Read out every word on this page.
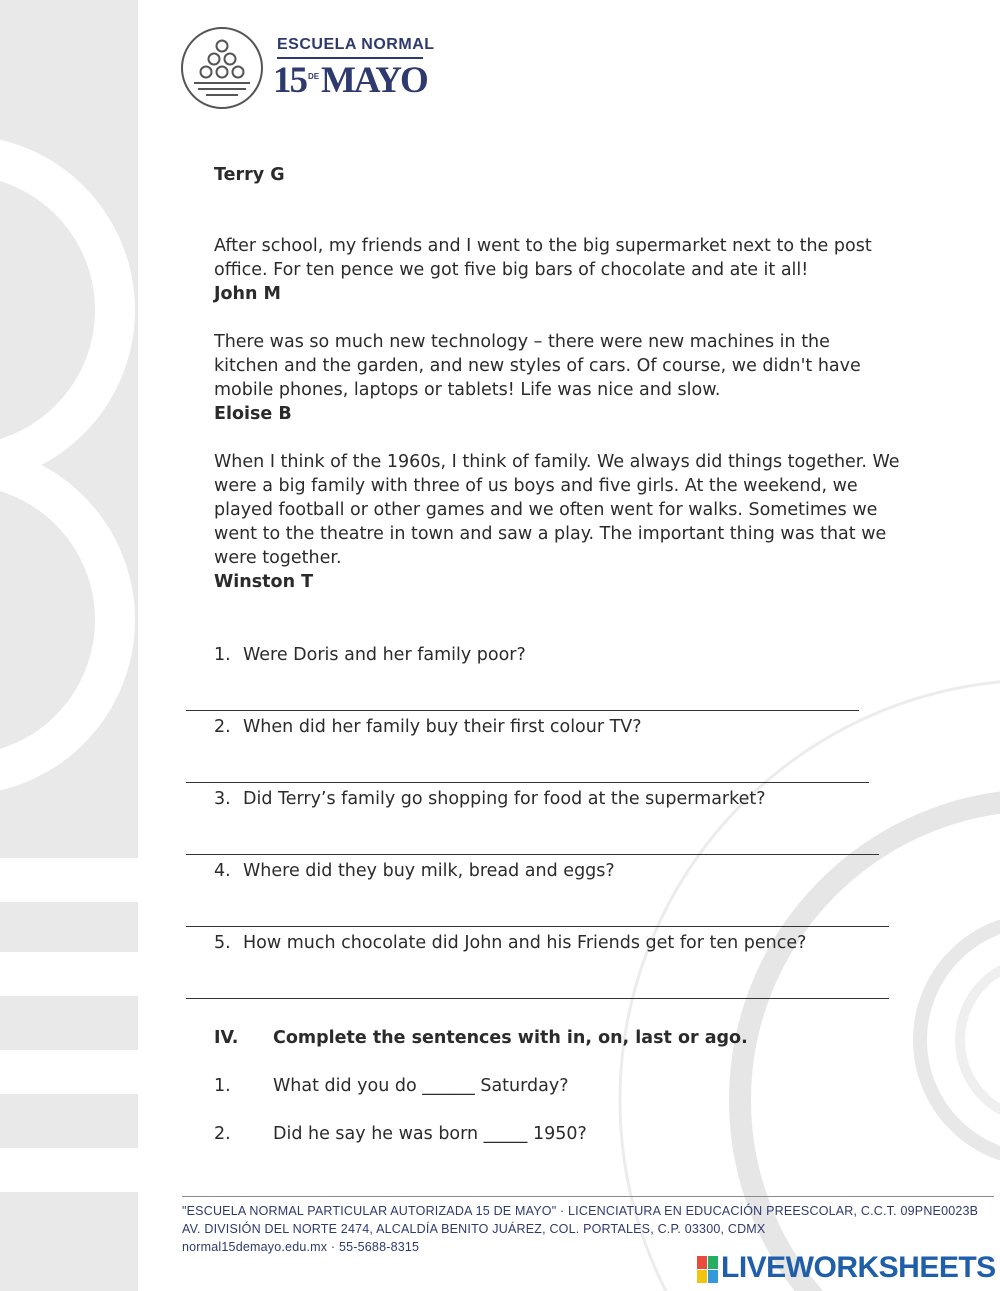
ESCUELA NORMAL
15 DE MAYO
Terry G
After school, my friends and I went to the big supermarket next to the post
office. For ten pence we got five big bars of chocolate and ate it all!
John M
There was so much new technology – there were new machines in the
kitchen and the garden, and new styles of cars. Of course, we didn't have
mobile phones, laptops or tablets! Life was nice and slow.
Eloise B
When I think of the 1960s, I think of family. We always did things together. We
were a big family with three of us boys and five girls. At the weekend, we
played football or other games and we often went for walks. Sometimes we
went to the theatre in town and saw a play. The important thing was that we
were together.
Winston T
1. Were Doris and her family poor?
2. When did her family buy their first colour TV?
3. Did Terry’s family go shopping for food at the supermarket?
4. Where did they buy milk, bread and eggs?
5. How much chocolate did John and his Friends get for ten pence?
IV. Complete the sentences with in, on, last or ago.
1. What did you do ______ Saturday?
2. Did he say he was born _____ 1950?
"ESCUELA NORMAL PARTICULAR AUTORIZADA 15 DE MAYO" · LICENCIATURA EN EDUCACIÓN PREESCOLAR, C.C.T. 09PNE0023B
AV. DIVISIÓN DEL NORTE 2474, ALCALDÍA BENITO JUÁREZ, COL. PORTALES, C.P. 03300, CDMX
normal15demayo.edu.mx · 55-5688-8315
LIVEWORKSHEETS
